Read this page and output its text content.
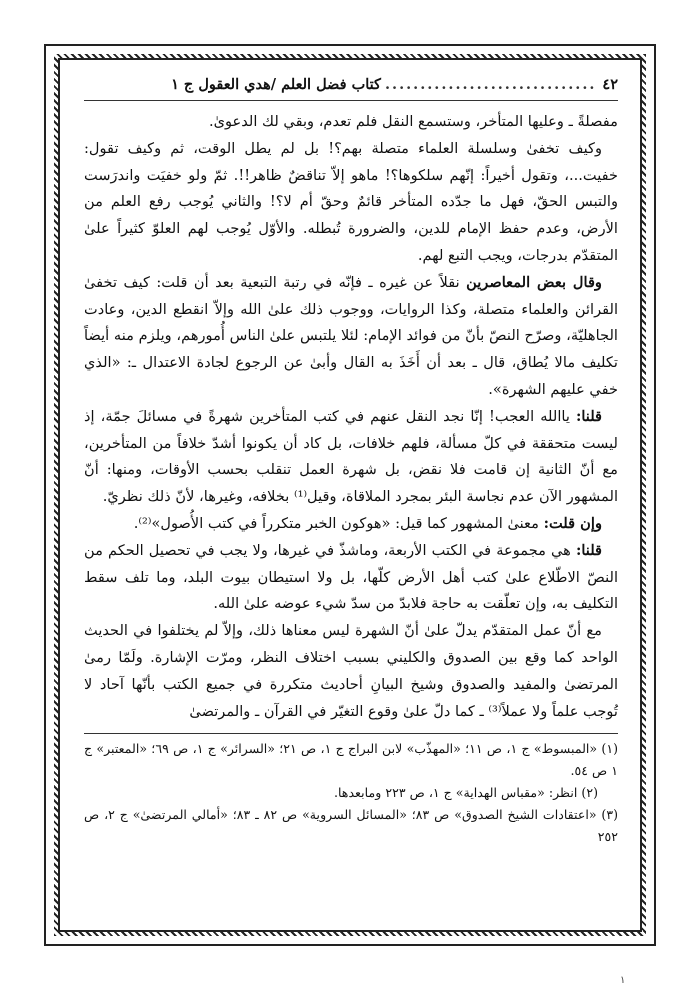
٤٢
..............................
كتاب فضل العلم /هدي العقول ج ١

مفصلةً ـ وعليها المتأخر، وستسمع النقل فلم تعدم، وبقي لك الدعوىٰ.

وكيف تخفىٰ وسلسلة العلماء متصلة بهم؟! بل لم يطل الوقت، ثم وكيف تقول: خفيت...، وتقول أخيراً: إنّهم سلكوها؟! ماهو إلاّ تناقضٌ ظاهر!!. ثمّ ولو خفيَت واندرَست والتبس الحقّ، فهل ما جدّده المتأخر قائمٌ وحقّ أم لا؟! والثاني يُوجب رفع العلم من الأرض، وعدم حفظ الإمام للدين، والضرورة تُبطله. والأوّل يُوجب لهم العلوّ كثيراً علىٰ المتقدّم بدرجات، ويجب التبع لهم.

وقال بعض المعاصرين نقلاً عن غيره ـ فإنّه في رتبة التبعية بعد أن قلت: كيف تخفىٰ القرائن والعلماء متصلة، وكذا الروايات، ووجوب ذلك علىٰ الله وإلاّ انقطع الدين، وعادت الجاهليّة، وصرّح النصّ بأنّ من فوائد الإمام: لئلا يلتبس علىٰ الناس أُمورهم، ويلزم منه أيضاً تكليف مالا يُطاق، قال ـ بعد أن أَخَذَ به القال وأبىٰ عن الرجوع لجادة الاعتدال ـ: «الذي خفي عليهم الشهرة».

قلنا: ياالله العجب! إنّا نجد النقل عنهم في كتب المتأخرين شهرةً في مسائلَ جمّة، إذ ليست متحققة في كلّ مسألة، فلهم خلافات، بل كاد أن يكونوا أشدّ خلافاً من المتأخرين، مع أنّ الثانية إن قامت فلا نقض، بل شهرة العمل تنقلب بحسب الأوقات، ومنها: أنّ المشهور الآن عدم نجاسة البئر بمجرد الملاقاة، وقيل⁽¹⁾ بخلافه، وغيرها، لأنّ ذلك نظريّ.

وإن قلت: معنىٰ المشهور كما قيل: «هوكون الخبر متكرراً في كتب الأُصول»⁽²⁾.

قلنا: هي مجموعة في الكتب الأربعة، وماشذّ في غيرها، ولا يجب في تحصيل الحكم من النصّ الاطّلاع علىٰ كتب أهل الأرض كلّها، بل ولا استيطان بيوت البلد، وما تلف سقط التكليف به، وإن تعلّقت به حاجة فلابدّ من سدّ شيء عوضه علىٰ الله.

مع أنّ عمل المتقدّم يدلّ علىٰ أنّ الشهرة ليس معناها ذلك، وإلاّ لم يختلفوا في الحديث الواحد كما وقع بين الصدوق والكليني بسبب اختلاف النظر، ومرّت الإشارة. ولَمّا رمىٰ المرتضىٰ والمفيد والصدوق وشيخ البيانِ أحاديث متكررة في جميع الكتب بأنّها آحاد لا تُوجب علماً ولا عملاً⁽³⁾ ـ كما دلّ علىٰ وقوع التغيّر في القرآن ـ والمرتضىٰ

(١) «المبسوط» ج ١، ص ١١؛ «المهذّب» لابن البراج ج ١، ص ٢١؛ «السرائر» ج ١، ص ٦٩؛ «المعتبر» ج ١ ص ٥٤.

(٢) انظر: «مقباس الهداية» ج ١، ص ٢٢٣ ومابعدها.

(٣) «اعتقادات الشيخ الصدوق» ص ٨٣؛ «المسائل السروية» ص ٨٢ ـ ٨٣؛ «أمالي المرتضىٰ» ج ٢، ص ٢٥٢

١
